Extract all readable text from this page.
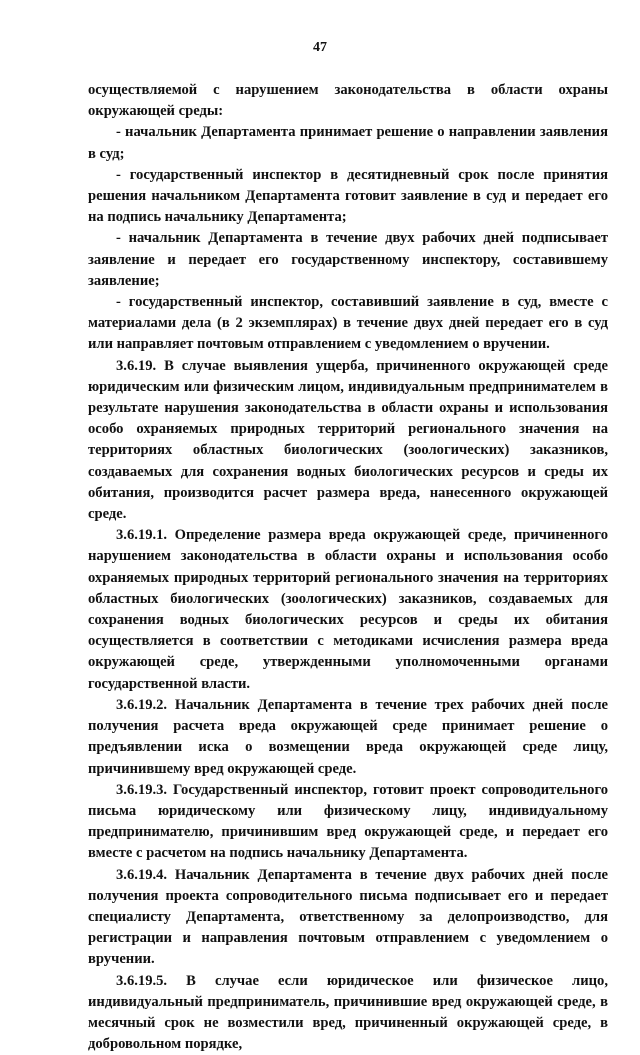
47

осуществляемой с нарушением законодательства в области охраны окружающей среды:

- начальник Департамента принимает решение о направлении заявления в суд;

- государственный инспектор в десятидневный срок после принятия решения начальником Департамента готовит заявление в суд и передает его на подпись начальнику Департамента;

- начальник Департамента в течение двух рабочих дней подписывает заявление и передает его государственному инспектору, составившему заявление;

- государственный инспектор, составивший заявление в суд, вместе с материалами дела (в 2 экземплярах) в течение двух дней передает его в суд или направляет почтовым отправлением с уведомлением о вручении.

3.6.19. В случае выявления ущерба, причиненного окружающей среде юридическим или физическим лицом, индивидуальным предпринимателем в результате нарушения законодательства в области охраны и использования особо охраняемых природных территорий регионального значения на территориях областных биологических (зоологических) заказников, создаваемых для сохранения водных биологических ресурсов и среды их обитания, производится расчет размера вреда, нанесенного окружающей среде.

3.6.19.1. Определение размера вреда окружающей среде, причиненного нарушением законодательства в области охраны и использования особо охраняемых природных территорий регионального значения на территориях областных биологических (зоологических) заказников, создаваемых для сохранения водных биологических ресурсов и среды их обитания осуществляется в соответствии с методиками исчисления размера вреда окружающей среде, утвержденными уполномоченными органами государственной власти.

3.6.19.2. Начальник Департамента в течение трех рабочих дней после получения расчета вреда окружающей среде принимает решение о предъявлении иска о возмещении вреда окружающей среде лицу, причинившему вред окружающей среде.

3.6.19.3. Государственный инспектор, готовит проект сопроводительного письма юридическому или физическому лицу, индивидуальному предпринимателю, причинившим вред окружающей среде, и передает его вместе с расчетом на подпись начальнику Департамента.

3.6.19.4. Начальник Департамента в течение двух рабочих дней после получения проекта сопроводительного письма подписывает его и передает специалисту Департамента, ответственному за делопроизводство, для регистрации и направления почтовым отправлением с уведомлением о вручении.

3.6.19.5. В случае если юридическое или физическое лицо, индивидуальный предприниматель, причинившие вред окружающей среде, в месячный срок не возместили вред, причиненный окружающей среде, в добровольном порядке,
